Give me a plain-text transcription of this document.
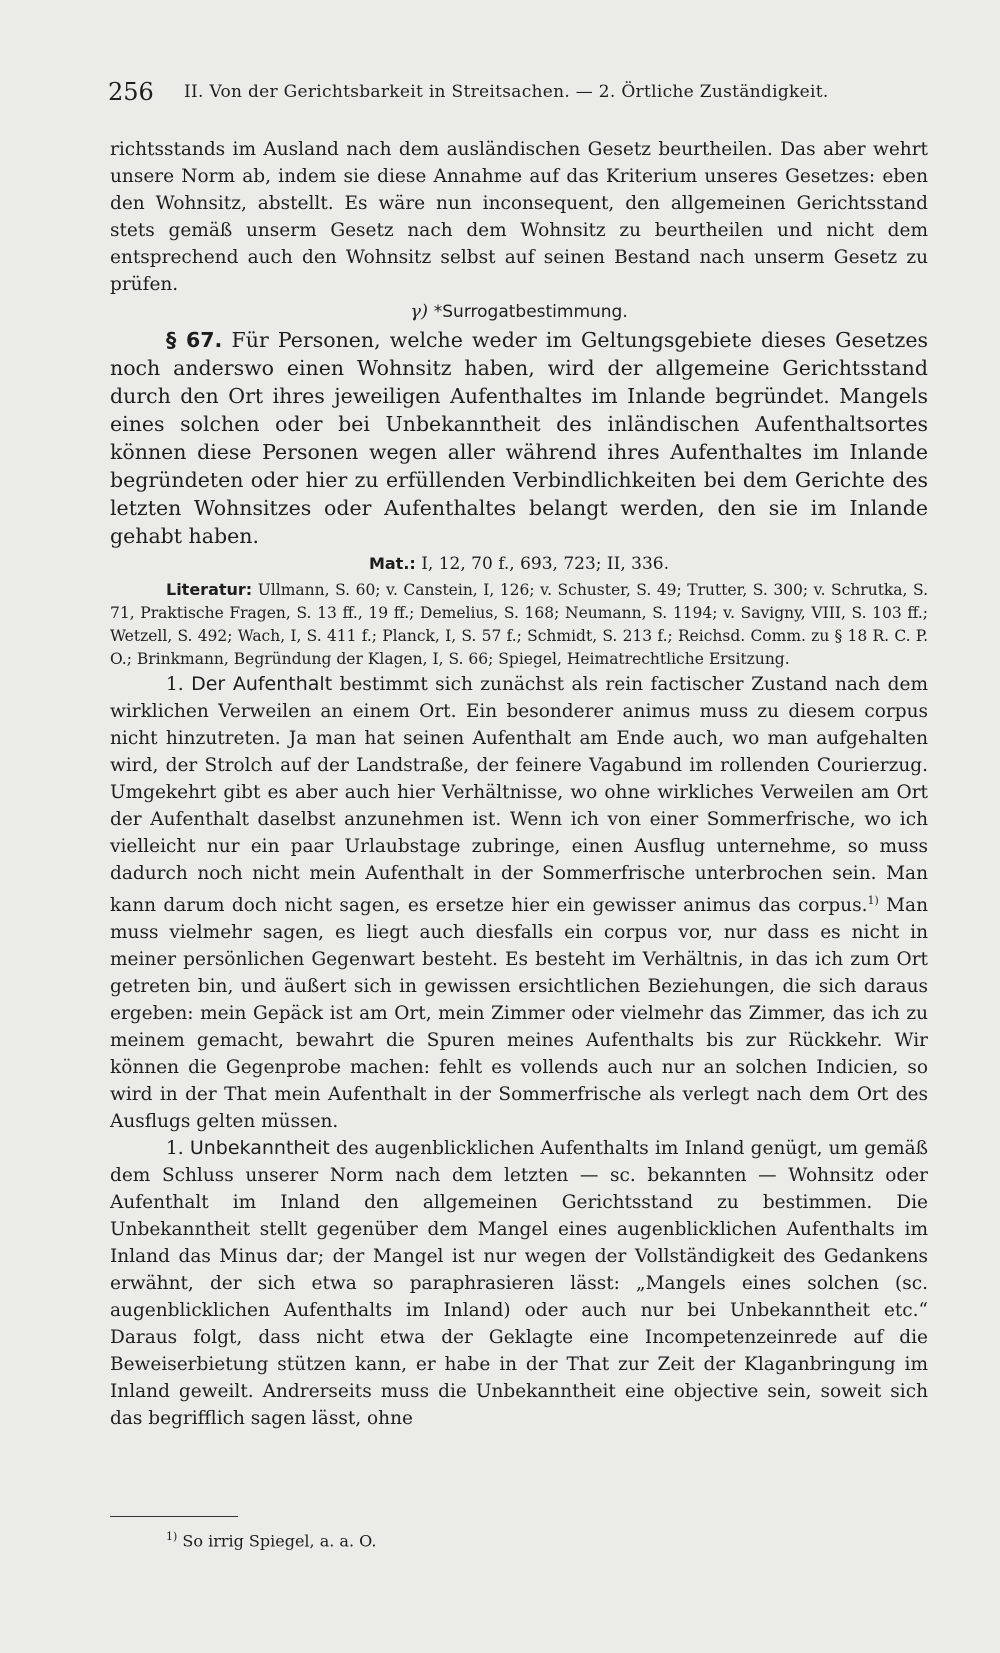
256 II. Von der Gerichtsbarkeit in Streitsachen. — 2. Örtliche Zuständigkeit.

richtsstands im Ausland nach dem ausländischen Gesetz beurtheilen. Das aber wehrt unsere Norm ab, indem sie diese Annahme auf das Kriterium unseres Gesetzes: eben den Wohnsitz, abstellt. Es wäre nun inconsequent, den allgemeinen Gerichtsstand stets gemäß unserm Gesetz nach dem Wohnsitz zu beurtheilen und nicht dem entsprechend auch den Wohnsitz selbst auf seinen Bestand nach unserm Gesetz zu prüfen.

γ) *Surrogatbestimmung.

§ 67. Für Personen, welche weder im Geltungsgebiete dieses Gesetzes noch anderswo einen Wohnsitz haben, wird der allgemeine Gerichtsstand durch den Ort ihres jeweiligen Aufenthaltes im Inlande begründet. Mangels eines solchen oder bei Unbekanntheit des inländischen Aufenthaltsortes können diese Personen wegen aller während ihres Aufenthaltes im Inlande begründeten oder hier zu erfüllenden Verbindlichkeiten bei dem Gerichte des letzten Wohnsitzes oder Aufenthaltes belangt werden, den sie im Inlande gehabt haben.

Mat.: I, 12, 70 f., 693, 723; II, 336.

Literatur: Ullmann, S. 60; v. Canstein, I, 126; v. Schuster, S. 49; Trutter, S. 300; v. Schrutka, S. 71, Praktische Fragen, S. 13 ff., 19 ff.; Demelius, S. 168; Neumann, S. 1194; v. Savigny, VIII, S. 103 ff.; Wetzell, S. 492; Wach, I, S. 411 f.; Planck, I, S. 57 f.; Schmidt, S. 213 f.; Reichsd. Comm. zu § 18 R. C. P. O.; Brinkmann, Begründung der Klagen, I, S. 66; Spiegel, Heimatrechtliche Ersitzung.

1. Der Aufenthalt bestimmt sich zunächst als rein factischer Zustand nach dem wirklichen Verweilen an einem Ort. Ein besonderer animus muss zu diesem corpus nicht hinzutreten. Ja man hat seinen Aufenthalt am Ende auch, wo man aufgehalten wird, der Strolch auf der Landstraße, der feinere Vagabund im rollenden Courierzug. Umgekehrt gibt es aber auch hier Verhältnisse, wo ohne wirkliches Verweilen am Ort der Aufenthalt daselbst anzunehmen ist. Wenn ich von einer Sommerfrische, wo ich vielleicht nur ein paar Urlaubstage zubringe, einen Ausflug unternehme, so muss dadurch noch nicht mein Aufenthalt in der Sommerfrische unterbrochen sein. Man kann darum doch nicht sagen, es ersetze hier ein gewisser animus das corpus.$^{1)}$ Man muss vielmehr sagen, es liegt auch diesfalls ein corpus vor, nur dass es nicht in meiner persönlichen Gegenwart besteht. Es besteht im Verhältnis, in das ich zum Ort getreten bin, und äußert sich in gewissen ersichtlichen Beziehungen, die sich daraus ergeben: mein Gepäck ist am Ort, mein Zimmer oder vielmehr das Zimmer, das ich zu meinem gemacht, bewahrt die Spuren meines Aufenthalts bis zur Rückkehr. Wir können die Gegenprobe machen: fehlt es vollends auch nur an solchen Indicien, so wird in der That mein Aufenthalt in der Sommerfrische als verlegt nach dem Ort des Ausflugs gelten müssen.

1. Unbekanntheit des augenblicklichen Aufenthalts im Inland genügt, um gemäß dem Schluss unserer Norm nach dem letzten — sc. bekannten — Wohnsitz oder Aufenthalt im Inland den allgemeinen Gerichtsstand zu bestimmen. Die Unbekanntheit stellt gegenüber dem Mangel eines augenblicklichen Aufenthalts im Inland das Minus dar; der Mangel ist nur wegen der Vollständigkeit des Gedankens erwähnt, der sich etwa so paraphrasieren lässt: „Mangels eines solchen (sc. augenblicklichen Aufenthalts im Inland) oder auch nur bei Unbekanntheit etc.“ Daraus folgt, dass nicht etwa der Geklagte eine Incompetenzeinrede auf die Beweiserbietung stützen kann, er habe in der That zur Zeit der Klaganbringung im Inland geweilt. Andrerseits muss die Unbekanntheit eine objective sein, soweit sich das begrifflich sagen lässt, ohne

$^{1)}$ So irrig Spiegel, a. a. O.
